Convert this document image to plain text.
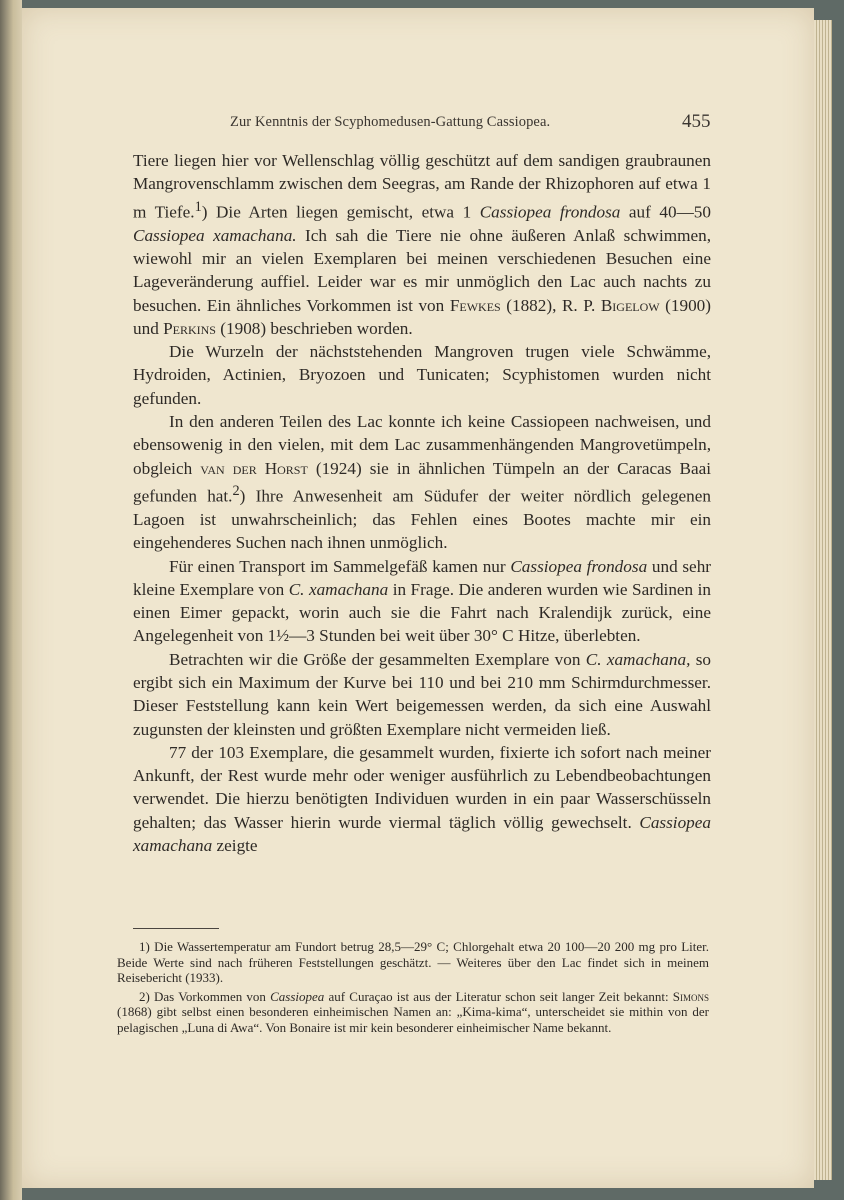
Zur Kenntnis der Scyphomedusen-Gattung Cassiopea.	455

Tiere liegen hier vor Wellenschlag völlig geschützt auf dem sandigen graubraunen Mangrovenschlamm zwischen dem Seegras, am Rande der Rhizophoren auf etwa 1 m Tiefe.$^1$) Die Arten liegen gemischt, etwa 1 Cassiopea frondosa auf 40—50 Cassiopea xamachana. Ich sah die Tiere nie ohne äußeren Anlaß schwimmen, wiewohl mir an vielen Exemplaren bei meinen verschiedenen Besuchen eine Lageveränderung auffiel. Leider war es mir unmöglich den Lac auch nachts zu besuchen. Ein ähnliches Vorkommen ist von Fewkes (1882), R. P. Bigelow (1900) und Perkins (1908) beschrieben worden.

Die Wurzeln der nächststehenden Mangroven trugen viele Schwämme, Hydroiden, Actinien, Bryozoen und Tunicaten; Scyphistomen wurden nicht gefunden.

In den anderen Teilen des Lac konnte ich keine Cassiopeen nachweisen, und ebensowenig in den vielen, mit dem Lac zusammenhängenden Mangrovetümpeln, obgleich van der Horst (1924) sie in ähnlichen Tümpeln an der Caracas Baai gefunden hat.$^2$) Ihre Anwesenheit am Südufer der weiter nördlich gelegenen Lagoen ist unwahrscheinlich; das Fehlen eines Bootes machte mir ein eingehenderes Suchen nach ihnen unmöglich.

Für einen Transport im Sammelgefäß kamen nur Cassiopea frondosa und sehr kleine Exemplare von C. xamachana in Frage. Die anderen wurden wie Sardinen in einen Eimer gepackt, worin auch sie die Fahrt nach Kralendijk zurück, eine Angelegenheit von 1½—3 Stunden bei weit über 30° C Hitze, überlebten.

Betrachten wir die Größe der gesammelten Exemplare von C. xamachana, so ergibt sich ein Maximum der Kurve bei 110 und bei 210 mm Schirmdurchmesser. Dieser Feststellung kann kein Wert beigemessen werden, da sich eine Auswahl zugunsten der kleinsten und größten Exemplare nicht vermeiden ließ.

77 der 103 Exemplare, die gesammelt wurden, fixierte ich sofort nach meiner Ankunft, der Rest wurde mehr oder weniger ausführlich zu Lebendbeobachtungen verwendet. Die hierzu benötigten Individuen wurden in ein paar Wasserschüsseln gehalten; das Wasser hierin wurde viermal täglich völlig gewechselt. Cassiopea xamachana zeigte

1) Die Wassertemperatur am Fundort betrug 28,5—29° C; Chlorgehalt etwa 20 100—20 200 mg pro Liter. Beide Werte sind nach früheren Feststellungen geschätzt. — Weiteres über den Lac findet sich in meinem Reisebericht (1933).

2) Das Vorkommen von Cassiopea auf Curaçao ist aus der Literatur schon seit langer Zeit bekannt: Simons (1868) gibt selbst einen besonderen einheimischen Namen an: „Kima-kima“, unterscheidet sie mithin von der pelagischen „Luna di Awa“. Von Bonaire ist mir kein besonderer einheimischer Name bekannt.
